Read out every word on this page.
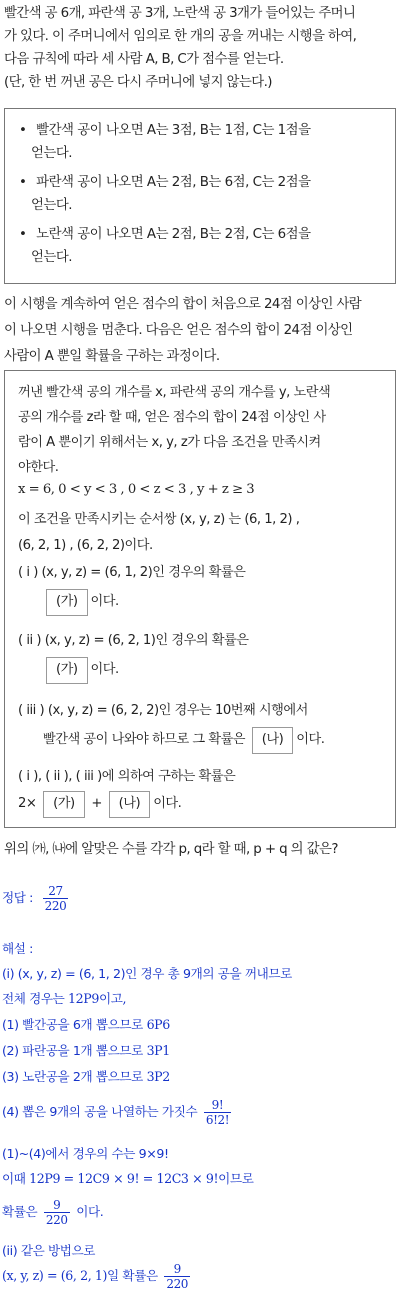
빨간색 공 6개, 파란색 공 3개, 노란색 공 3개가 들어있는 주머니
가 있다. 이 주머니에서 임의로 한 개의 공을 꺼내는 시행을 하여,
다음 규칙에 따라 세 사람 A, B, C가 점수를 얻는다.
(단, 한 번 꺼낸 공은 다시 주머니에 넣지 않는다.)
• 빨간색 공이 나오면 A는 3점, B는 1점, C는 1점을
얻는다.
• 파란색 공이 나오면 A는 2점, B는 6점, C는 2점을
얻는다.
• 노란색 공이 나오면 A는 2점, B는 2점, C는 6점을
얻는다.
이 시행을 계속하여 얻은 점수의 합이 처음으로 24점 이상인 사람
이 나오면 시행을 멈춘다. 다음은 얻은 점수의 합이 24점 이상인
사람이 A 뿐일 확률을 구하는 과정이다.
꺼낸 빨간색 공의 개수를 x, 파란색 공의 개수를 y, 노란색
공의 개수를 z라 할 때, 얻은 점수의 합이 24점 이상인 사
람이 A 뿐이기 위해서는 x, y, z가 다음 조건을 만족시켜
야한다.
x = 6, 0 < y < 3 , 0 < z < 3 , y + z ≥ 3
이 조건을 만족시키는 순서쌍 (x, y, z) 는 (6, 1, 2) ,
(6, 2, 1) , (6, 2, 2)이다.
( i ) (x, y, z) = (6, 1, 2)인 경우의 확률은
(가) 이다.
( ii ) (x, y, z) = (6, 2, 1)인 경우의 확률은
(가) 이다.
( iii ) (x, y, z) = (6, 2, 2)인 경우는 10번째 시행에서
빨간색 공이 나와야 하므로 그 확률은 (나) 이다.
( i ), ( ii ), ( iii )에 의하여 구하는 확률은
2× (가) + (나) 이다.
위의 ㈎, ㈏에 알맞은 수를 각각 p, q라 할 때, p + q 의 값은?
정답 : $\frac{27}{220}$
해설 :
(i) (x, y, z) = (6, 1, 2)인 경우 총 9개의 공을 꺼내므로
전체 경우는 12P9이고,
(1) 빨간공을 6개 뽑으므로 6P6
(2) 파란공을 1개 뽑으므로 3P1
(3) 노란공을 2개 뽑으므로 3P2
(4) 뽑은 9개의 공을 나열하는 가짓수 $\frac{9!}{6!2!}$
(1)~(4)에서 경우의 수는 9×9!
이때 12P9 = 12C9 × 9! = 12C3 × 9!이므로
확률은 $\frac{9}{220}$ 이다.
(ii) 같은 방법으로
(x, y, z) = (6, 2, 1)일 확률은 $\frac{9}{220}$
